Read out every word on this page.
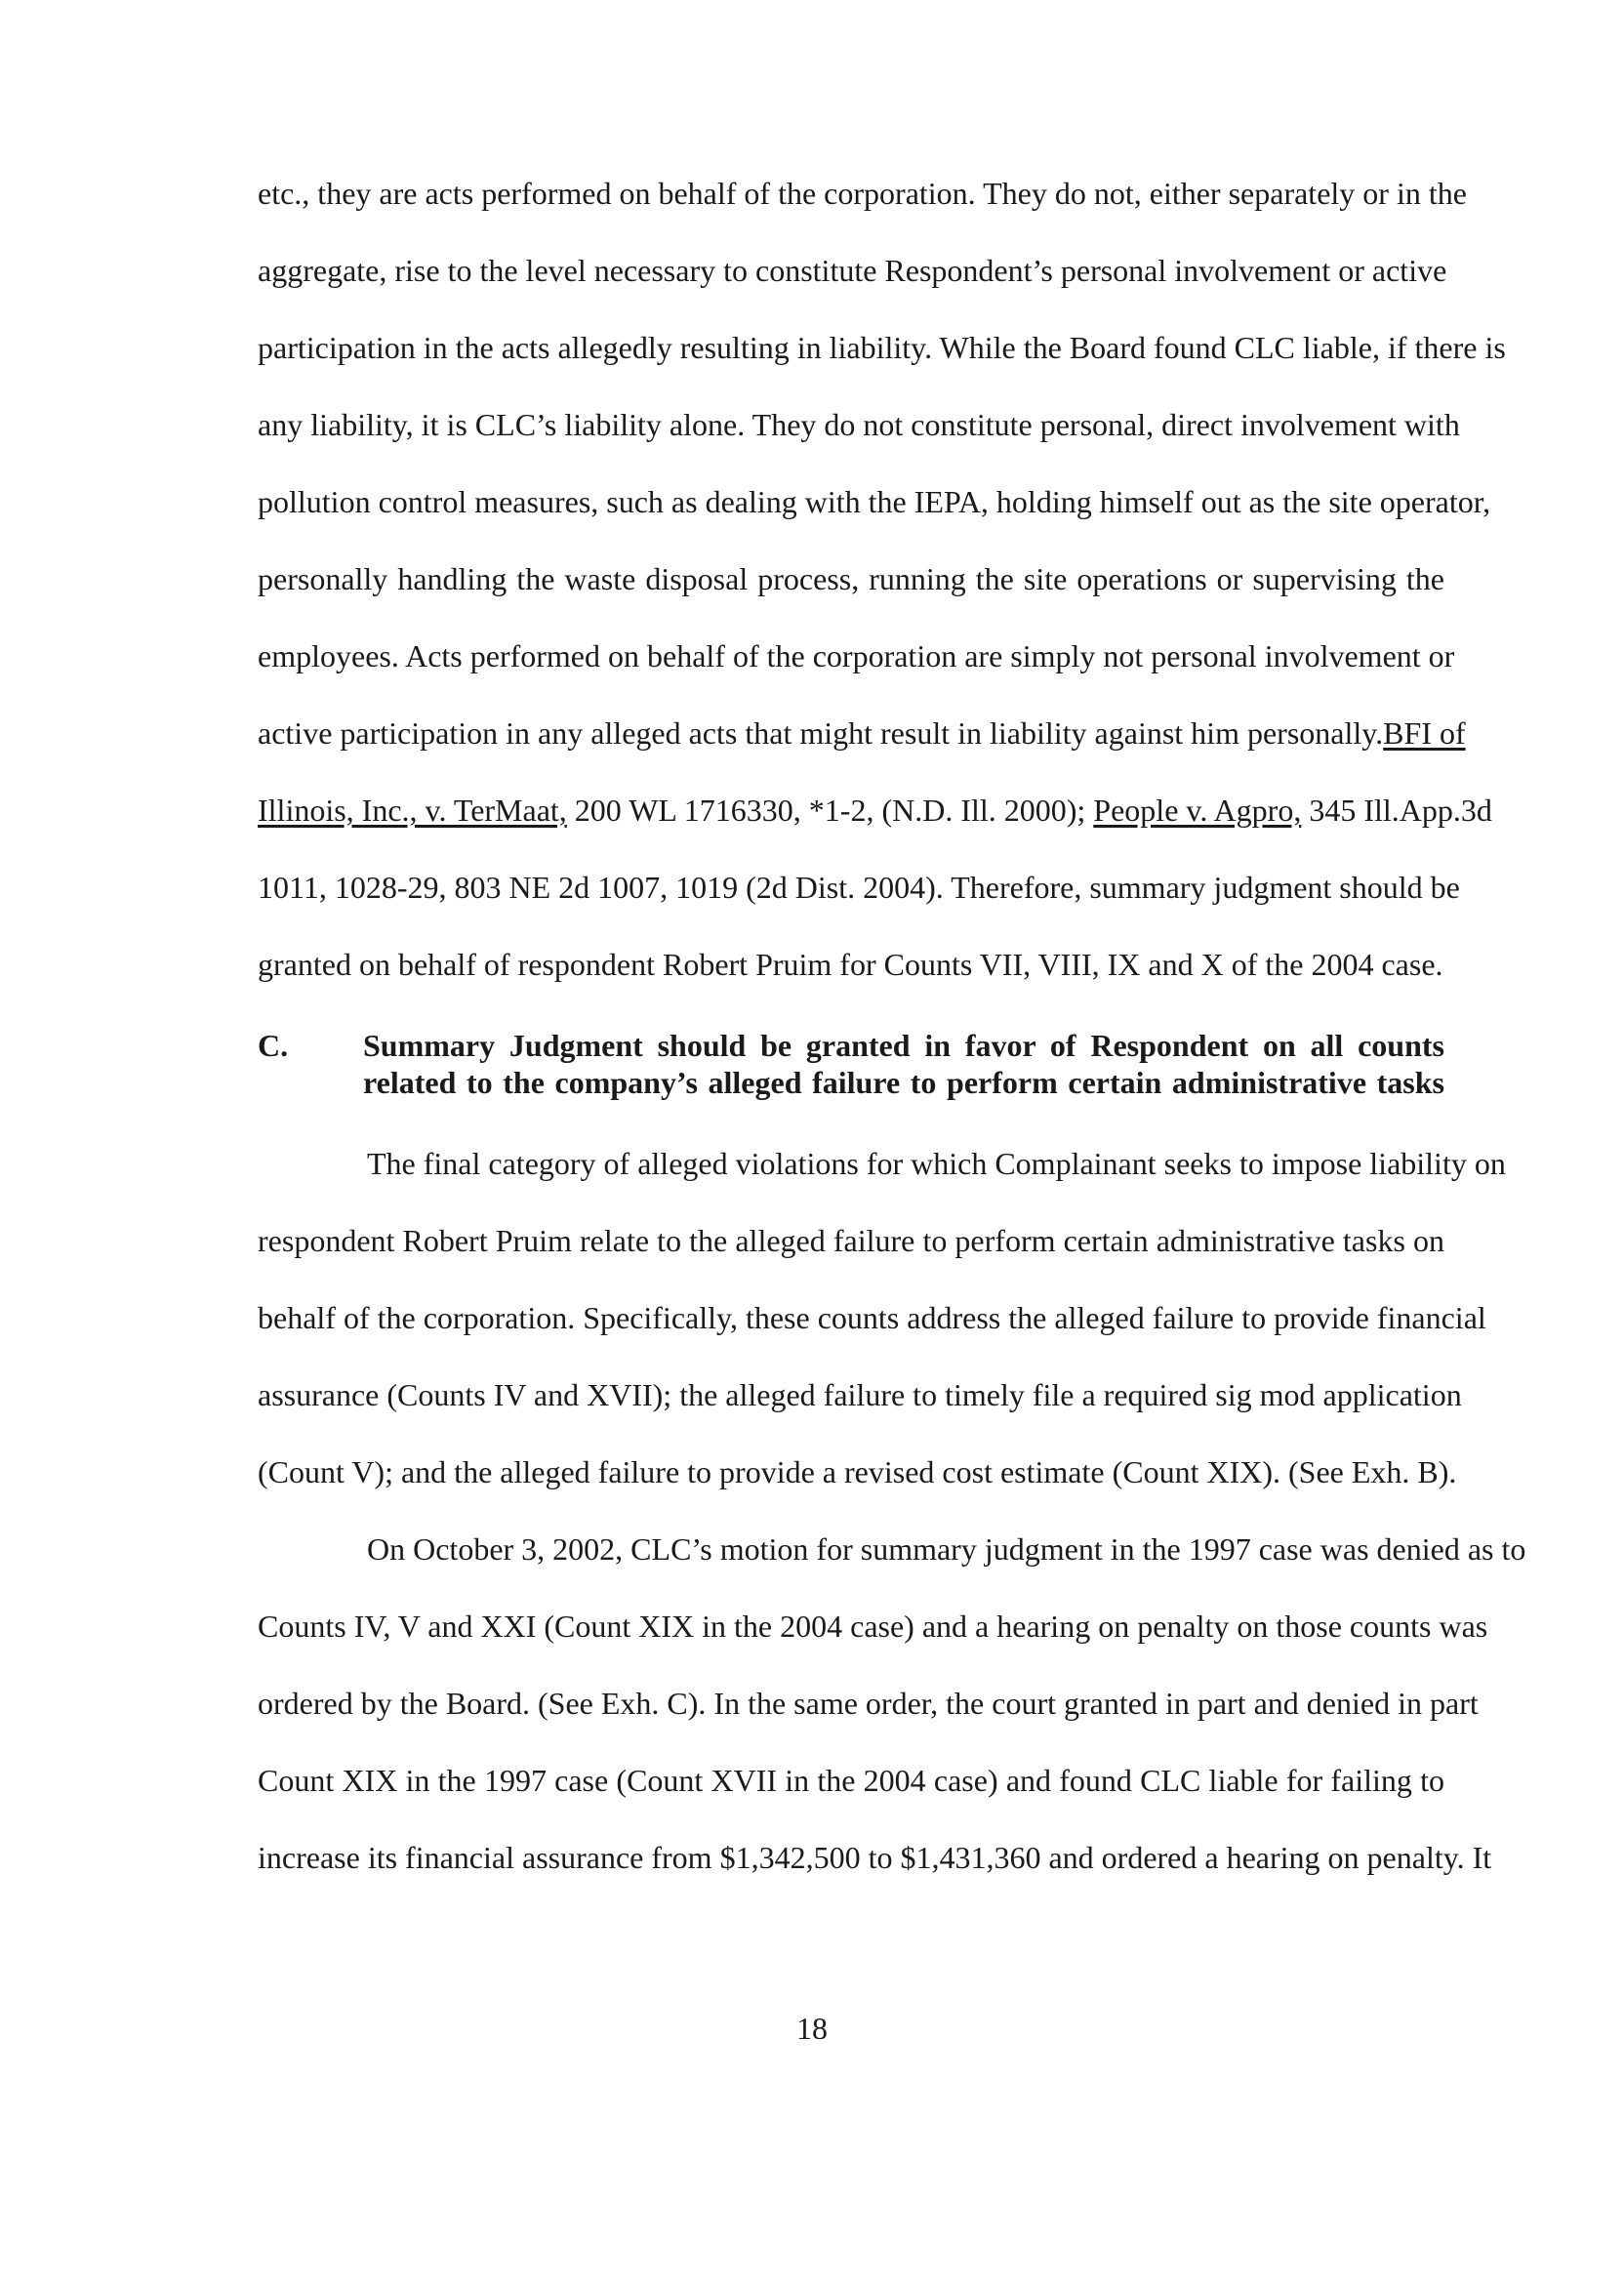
etc., they are acts performed on behalf of the corporation. They do not, either separately or in the
aggregate, rise to the level necessary to constitute Respondent’s personal involvement or active
participation in the acts allegedly resulting in liability. While the Board found CLC liable, if there is
any liability, it is CLC’s liability alone. They do not constitute personal, direct involvement with
pollution control measures, such as dealing with the IEPA, holding himself out as the site operator,
personally handling the waste disposal process, running the site operations or supervising the
employees. Acts performed on behalf of the corporation are simply not personal involvement or
active participation in any alleged acts that might result in liability against him personally. BFI of
Illinois, Inc., v. TerMaat, 200 WL 1716330, *1-2, (N.D. Ill. 2000); People v. Agpro, 345 Ill.App.3d
1011, 1028-29, 803 NE 2d 1007, 1019 (2d Dist. 2004). Therefore, summary judgment should be
granted on behalf of respondent Robert Pruim for Counts VII, VIII, IX and X of the 2004 case.
C.	Summary Judgment should be granted in favor of Respondent on all counts
related to the company’s alleged failure to perform certain administrative tasks
The final category of alleged violations for which Complainant seeks to impose liability on
respondent Robert Pruim relate to the alleged failure to perform certain administrative tasks on
behalf of the corporation. Specifically, these counts address the alleged failure to provide financial
assurance (Counts IV and XVII); the alleged failure to timely file a required sig mod application
(Count V); and the alleged failure to provide a revised cost estimate (Count XIX). (See Exh. B).
On October 3, 2002, CLC’s motion for summary judgment in the 1997 case was denied as to
Counts IV, V and XXI (Count XIX in the 2004 case) and a hearing on penalty on those counts was
ordered by the Board. (See Exh. C). In the same order, the court granted in part and denied in part
Count XIX in the 1997 case (Count XVII in the 2004 case) and found CLC liable for failing to
increase its financial assurance from $1,342,500 to $1,431,360 and ordered a hearing on penalty. It
18
